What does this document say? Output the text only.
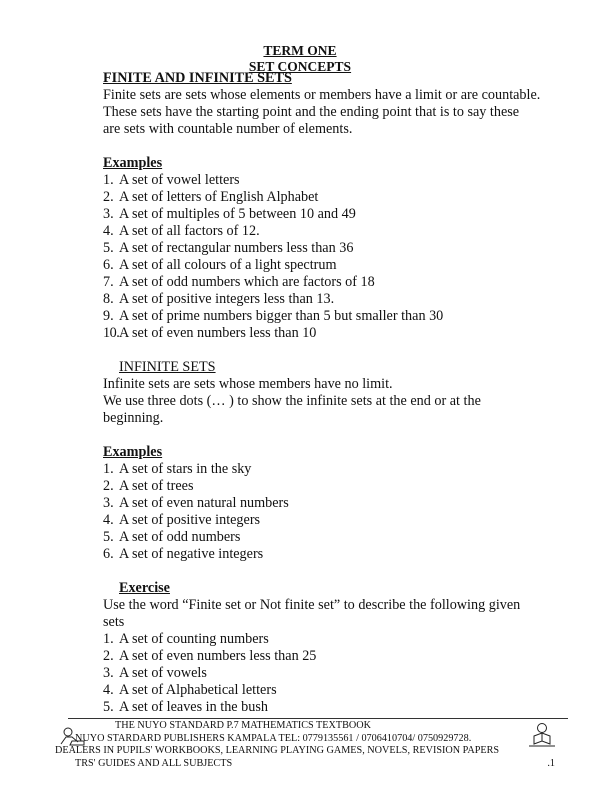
TERM ONE
SET CONCEPTS

FINITE AND INFINITE SETS

Finite sets are sets whose elements or members have a limit or are countable.

These sets have the starting point and the ending point that is to say these

are sets with countable number of elements.

Examples

1. A set of vowel letters
2. A set of letters of English Alphabet
3. A set of multiples of 5 between 10 and 49
4. A set of all factors of 12.
5. A set of rectangular numbers less than 36
6. A set of all colours of a light spectrum
7. A set of odd numbers which are factors of 18
8. A set of positive integers less than 13.
9. A set of prime numbers bigger than 5 but smaller than 30
10. A set of even numbers less than 10

INFINITE SETS

Infinite sets are sets whose members have no limit.

We use three dots (… ) to show the infinite sets at the end or at the

beginning.

Examples

1. A set of stars in the sky
2. A set of trees
3. A set of even natural numbers
4. A set of positive integers
5. A set of odd numbers
6. A set of negative integers

Exercise

Use the word “Finite set or Not finite set” to describe the following given

sets

1. A set of counting numbers
2. A set of even numbers less than 25
3. A set of vowels
4. A set of Alphabetical letters
5. A set of leaves in the bush
THE NUYO STANDARD P.7 MATHEMATICS TEXTBOOK
NUYO STARDARD PUBLISHERS KAMPALA TEL: 0779135561 / 0706410704/ 0750929728.
DEALERS IN PUPILS' WORKBOOKS, LEARNING PLAYING GAMES, NOVELS, REVISION PAPERS
TRS' GUIDES AND ALL SUBJECTS	.1
